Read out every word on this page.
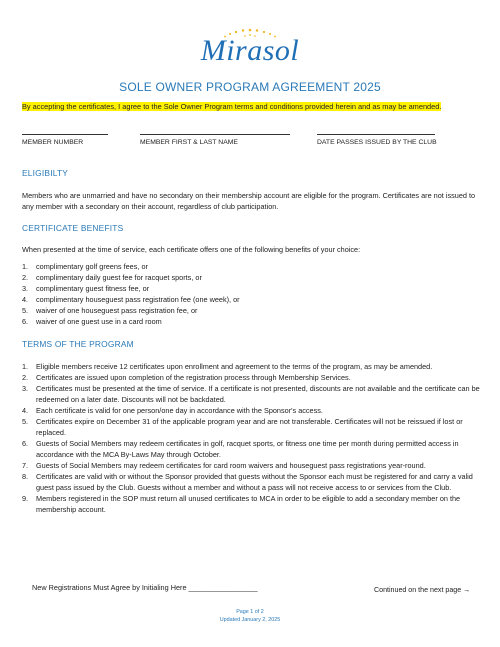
Mirasol
SOLE OWNER PROGRAM AGREEMENT 2025
By accepting the certificates, I agree to the Sole Owner Program terms and conditions provided herein and as may be amended.
MEMBER NUMBER	MEMBER FIRST & LAST NAME	DATE PASSES ISSUED BY THE CLUB
ELIGIBILTY
Members who are unmarried and have no secondary on their membership account are eligible for the program. Certificates are not issued to any member with a secondary on their account, regardless of club participation.
CERTIFICATE BENEFITS
When presented at the time of service, each certificate offers one of the following benefits of your choice:
1. complimentary golf greens fees, or
2. complimentary daily guest fee for racquet sports, or
3. complimentary guest fitness fee, or
4. complimentary houseguest pass registration fee (one week), or
5. waiver of one houseguest pass registration fee, or
6. waiver of one guest use in a card room
TERMS OF THE PROGRAM
1. Eligible members receive 12 certificates upon enrollment and agreement to the terms of the program, as may be amended.
2. Certificates are issued upon completion of the registration process through Membership Services.
3. Certificates must be presented at the time of service. If a certificate is not presented, discounts are not available and the certificate can be redeemed on a later date. Discounts will not be backdated.
4. Each certificate is valid for one person/one day in accordance with the Sponsor's access.
5. Certificates expire on December 31 of the applicable program year and are not transferable. Certificates will not be reissued if lost or replaced.
6. Guests of Social Members may redeem certificates in golf, racquet sports, or fitness one time per month during permitted access in accordance with the MCA By-Laws May through October.
7. Guests of Social Members may redeem certificates for card room waivers and houseguest pass registrations year-round.
8. Certificates are valid with or without the Sponsor provided that guests without the Sponsor each must be registered for and carry a valid guest pass issued by the Club. Guests without a member and without a pass will not receive access to or services from the Club.
9. Members registered in the SOP must return all unused certificates to MCA in order to be eligible to add a secondary member on the membership account.
New Registrations Must Agree by Initialing Here _________________	Continued on the next page →
Page 1 of 2
Updated January 2, 2025
